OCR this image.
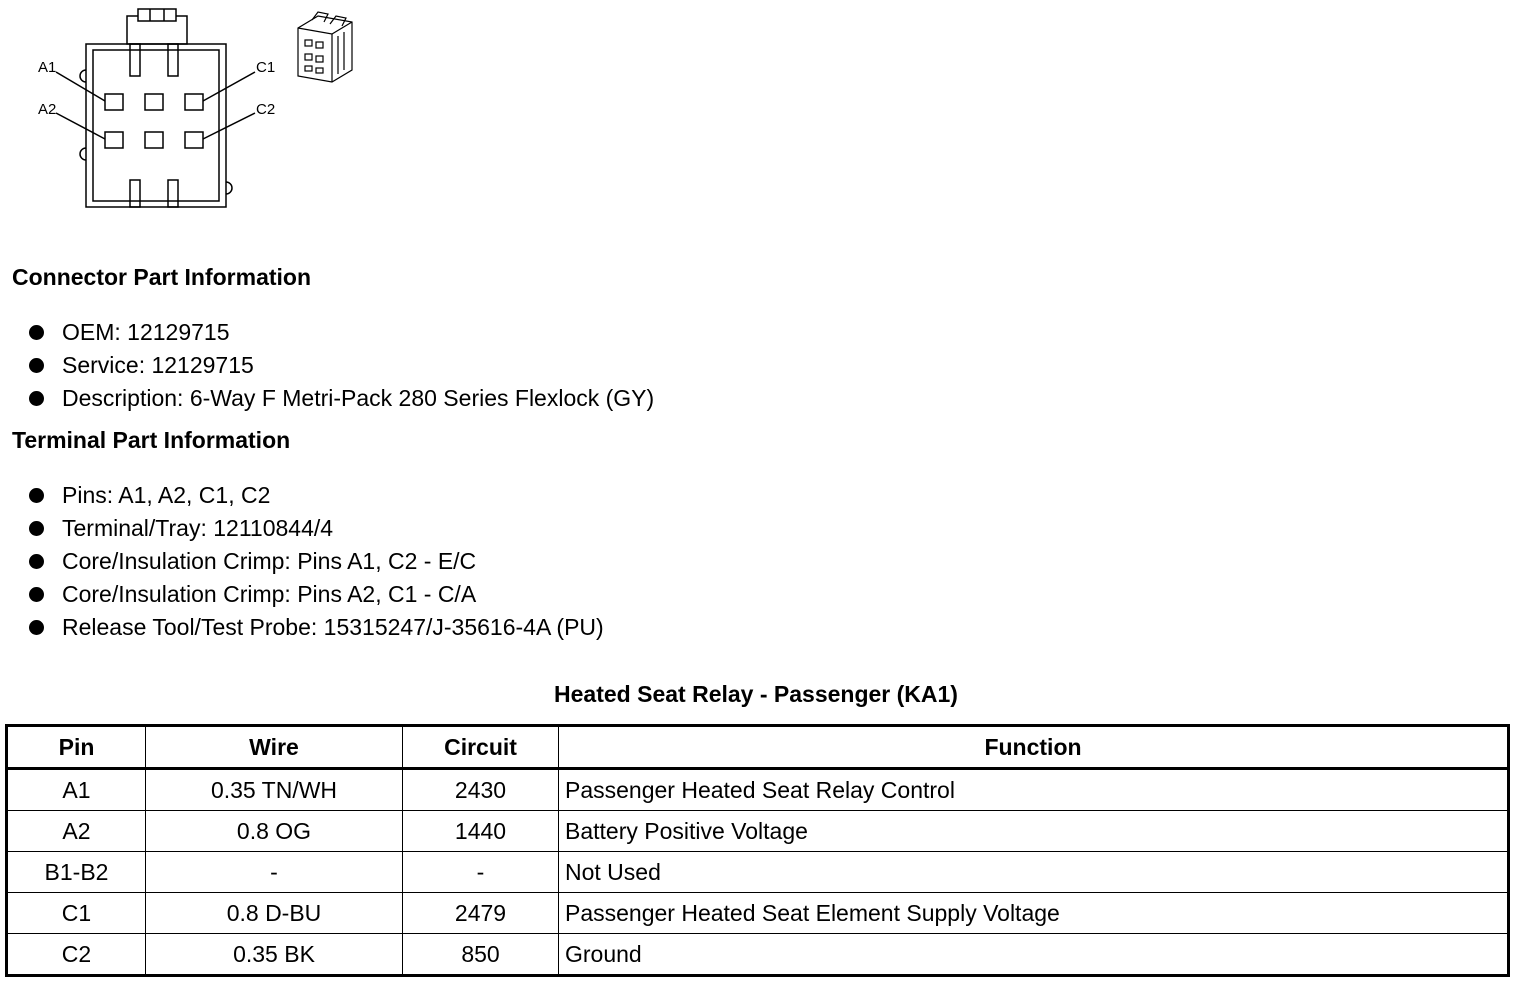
A1
A2
C1
C2
Connector Part Information
OEM: 12129715
Service: 12129715
Description: 6-Way F Metri-Pack 280 Series Flexlock (GY)
Terminal Part Information
Pins: A1, A2, C1, C2
Terminal/Tray: 12110844/4
Core/Insulation Crimp: Pins A1, C2 - E/C
Core/Insulation Crimp: Pins A2, C1 - C/A
Release Tool/Test Probe: 15315247/J-35616-4A (PU)
Heated Seat Relay - Passenger (KA1)
Pin	Wire	Circuit	Function
A1	0.35 TN/WH	2430	Passenger Heated Seat Relay Control
A2	0.8 OG	1440	Battery Positive Voltage
B1-B2	-	-	Not Used
C1	0.8 D-BU	2479	Passenger Heated Seat Element Supply Voltage
C2	0.35 BK	850	Ground
